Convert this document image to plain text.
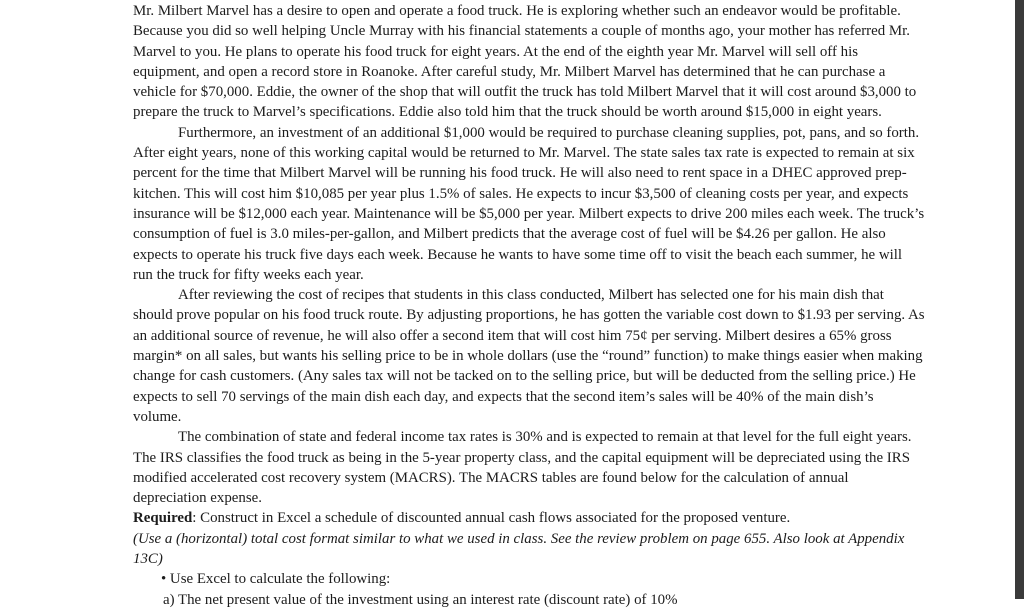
Mr. Milbert Marvel has a desire to open and operate a food truck. He is exploring whether such an endeavor would be profitable. Because you did so well helping Uncle Murray with his financial statements a couple of months ago, your mother has referred Mr. Marvel to you. He plans to operate his food truck for eight years. At the end of the eighth year Mr. Marvel will sell off his equipment, and open a record store in Roanoke. After careful study, Mr. Milbert Marvel has determined that he can purchase a vehicle for $70,000. Eddie, the owner of the shop that will outfit the truck has told Milbert Marvel that it will cost around $3,000 to prepare the truck to Marvel’s specifications. Eddie also told him that the truck should be worth around $15,000 in eight years.

Furthermore, an investment of an additional $1,000 would be required to purchase cleaning supplies, pot, pans, and so forth. After eight years, none of this working capital would be returned to Mr. Marvel. The state sales tax rate is expected to remain at six percent for the time that Milbert Marvel will be running his food truck. He will also need to rent space in a DHEC approved prep-kitchen. This will cost him $10,085 per year plus 1.5% of sales. He expects to incur $3,500 of cleaning costs per year, and expects insurance will be $12,000 each year. Maintenance will be $5,000 per year. Milbert expects to drive 200 miles each week. The truck’s consumption of fuel is 3.0 miles-per-gallon, and Milbert predicts that the average cost of fuel will be $4.26 per gallon. He also expects to operate his truck five days each week. Because he wants to have some time off to visit the beach each summer, he will run the truck for fifty weeks each year.

After reviewing the cost of recipes that students in this class conducted, Milbert has selected one for his main dish that should prove popular on his food truck route. By adjusting proportions, he has gotten the variable cost down to $1.93 per serving. As an additional source of revenue, he will also offer a second item that will cost him 75¢ per serving. Milbert desires a 65% gross margin* on all sales, but wants his selling price to be in whole dollars (use the “round” function) to make things easier when making change for cash customers. (Any sales tax will not be tacked on to the selling price, but will be deducted from the selling price.) He expects to sell 70 servings of the main dish each day, and expects that the second item’s sales will be 40% of the main dish’s volume.

The combination of state and federal income tax rates is 30% and is expected to remain at that level for the full eight years. The IRS classifies the food truck as being in the 5-year property class, and the capital equipment will be depreciated using the IRS modified accelerated cost recovery system (MACRS). The MACRS tables are found below for the calculation of annual depreciation expense.

Required: Construct in Excel a schedule of discounted annual cash flows associated for the proposed venture.

(Use a (horizontal) total cost format similar to what we used in class. See the review problem on page 655. Also look at Appendix 13C)

• Use Excel to calculate the following:

a) The net present value of the investment using an interest rate (discount rate) of 10%
